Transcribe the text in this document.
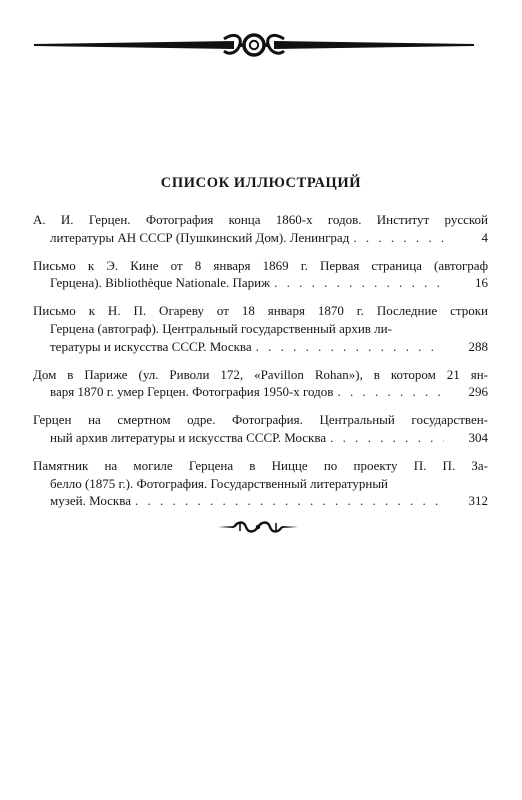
СПИСОК ИЛЛЮСТРАЦИЙ
А. И. Герцен. Фотография конца 1860-х годов. Институт русской
литературы АН СССР (Пушкинский Дом). Ленинград . . .	4
Письмо к Э. Кине от 8 января 1869 г. Первая страница (автограф
Герцена). Bibliothèque Nationale. Париж . . .	16
Письмо к Н. П. Огареву от 18 января 1870 г. Последние строки
Герцена (автограф). Центральный государственный архив ли-
тературы и искусства СССР. Москва . . .	288
Дом в Париже (ул. Риволи 172, «Pavillon Rohan»), в котором 21 ян-
варя 1870 г. умер Герцен. Фотография 1950-х годов . . .	296
Герцен на смертном одре. Фотография. Центральный государствен-
ный архив литературы и искусства СССР. Москва . . .	304
Памятник на могиле Герцена в Ницце по проекту П. П. За-
белло (1875 г.). Фотография. Государственный литературный
музей. Москва . . .	312
